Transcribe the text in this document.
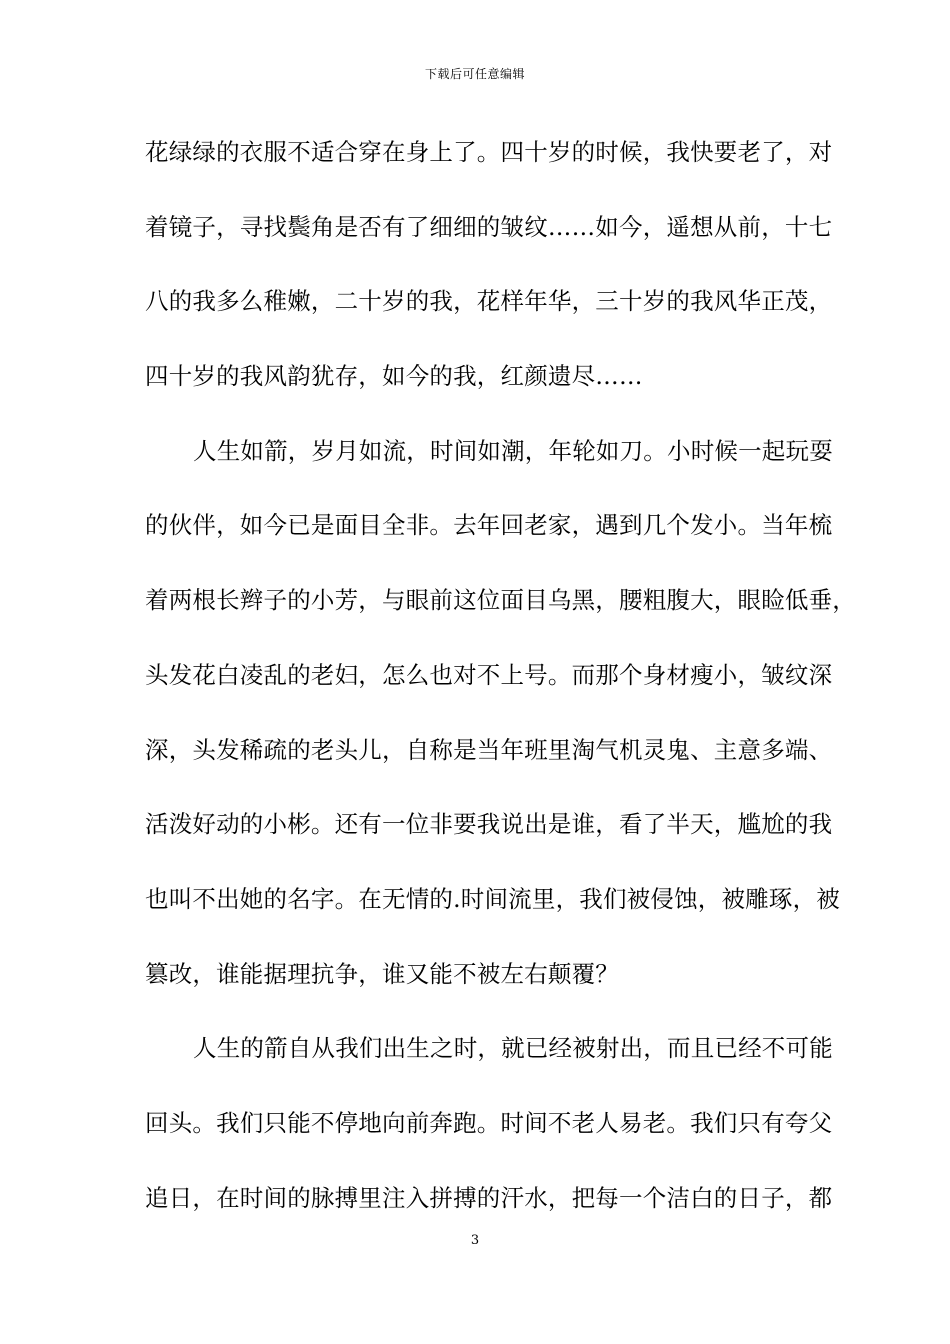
下载后可任意编辑
花绿绿的衣服不适合穿在身上了。四十岁的时候，我快要老了，对
着镜子，寻找鬓角是否有了细细的皱纹……如今，遥想从前，十七
八的我多么稚嫩，二十岁的我，花样年华，三十岁的我风华正茂，
四十岁的我风韵犹存，如今的我，红颜遗尽……
人生如箭，岁月如流，时间如潮，年轮如刀。小时候一起玩耍
的伙伴，如今已是面目全非。去年回老家，遇到几个发小。当年梳
着两根长辫子的小芳，与眼前这位面目乌黑，腰粗腹大，眼睑低垂，
头发花白凌乱的老妇，怎么也对不上号。而那个身材瘦小，皱纹深
深，头发稀疏的老头儿，自称是当年班里淘气机灵鬼、主意多端、
活泼好动的小彬。还有一位非要我说出是谁，看了半天，尴尬的我
也叫不出她的名字。在无情的.时间流里，我们被侵蚀，被雕琢，被
篡改，谁能据理抗争，谁又能不被左右颠覆？
人生的箭自从我们出生之时，就已经被射出，而且已经不可能
回头。我们只能不停地向前奔跑。时间不老人易老。我们只有夸父
追日，在时间的脉搏里注入拼搏的汗水，把每一个洁白的日子，都
3
